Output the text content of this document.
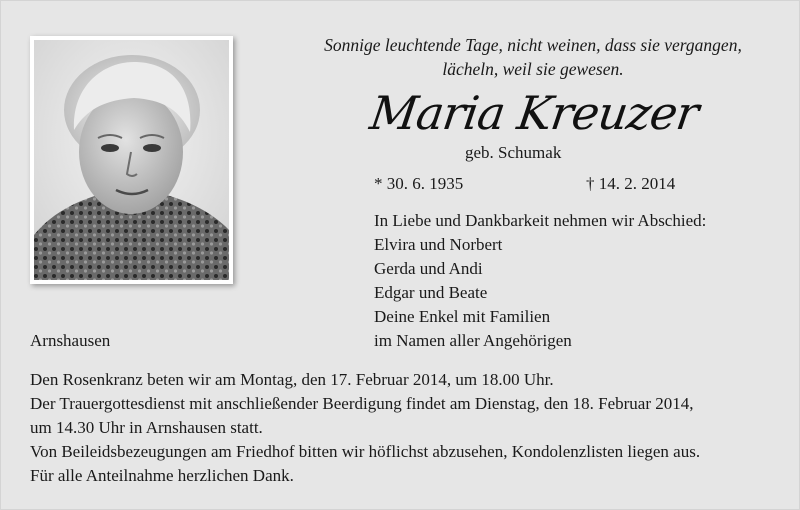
Sonnige leuchtende Tage, nicht weinen, dass sie vergangen,
lächeln, weil sie gewesen.
Maria Kreuzer
geb. Schumak
* 30. 6. 1935	† 14. 2. 2014
In Liebe und Dankbarkeit nehmen wir Abschied:
Elvira und Norbert
Gerda und Andi
Edgar und Beate
Deine Enkel mit Familien
im Namen aller Angehörigen
Arnshausen
Den Rosenkranz beten wir am Montag, den 17. Februar 2014, um 18.00 Uhr.
Der Trauergottesdienst mit anschließender Beerdigung findet am Dienstag, den 18. Februar 2014,
um 14.30 Uhr in Arnshausen statt.
Von Beileidsbezeugungen am Friedhof bitten wir höflichst abzusehen, Kondolenzlisten liegen aus.
Für alle Anteilnahme herzlichen Dank.
